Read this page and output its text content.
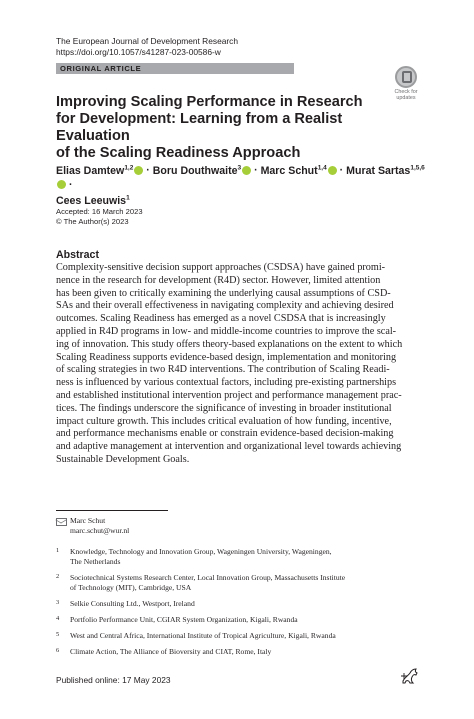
The European Journal of Development Research
https://doi.org/10.1057/s41287-023-00586-w
ORIGINAL ARTICLE
Check for
updates
Improving Scaling Performance in Research
for Development: Learning from a Realist Evaluation
of the Scaling Readiness Approach
Elias Damtew$^{1,2}$ · Boru Douthwaite$^3$ · Marc Schut$^{1,4}$ · Murat Sartas$^{1,5,6}$ ·
Cees Leeuwis$^1$
Accepted: 16 March 2023
© The Author(s) 2023
Abstract
Complexity-sensitive decision support approaches (CSDSA) have gained promi-
nence in the research for development (R4D) sector. However, limited attention
has been given to critically examining the underlying causal assumptions of CSD-
SAs and their overall effectiveness in navigating complexity and achieving desired
outcomes. Scaling Readiness has emerged as a novel CSDSA that is increasingly
applied in R4D programs in low- and middle-income countries to improve the scal-
ing of innovation. This study offers theory-based explanations on the extent to which
Scaling Readiness supports evidence-based design, implementation and monitoring
of scaling strategies in two R4D interventions. The contribution of Scaling Readi-
ness is influenced by various contextual factors, including pre-existing partnerships
and established institutional intervention project and performance management prac-
tices. The findings underscore the significance of investing in broader institutional
impact culture growth. This includes critical evaluation of how funding, incentive,
and performance mechanisms enable or constrain evidence-based decision-making
and adaptive management at intervention and organizational level towards achieving
Sustainable Development Goals.
Marc Schut
marc.schut@wur.nl
1 Knowledge, Technology and Innovation Group, Wageningen University, Wageningen,
The Netherlands
2 Sociotechnical Systems Research Center, Local Innovation Group, Massachusetts Institute
of Technology (MIT), Cambridge, USA
3 Selkie Consulting Ltd., Westport, Ireland
4 Portfolio Performance Unit, CGIAR System Organization, Kigali, Rwanda
5 West and Central Africa, International Institute of Tropical Agriculture, Kigali, Rwanda
6 Climate Action, The Alliance of Bioversity and CIAT, Rome, Italy
Published online: 17 May 2023
